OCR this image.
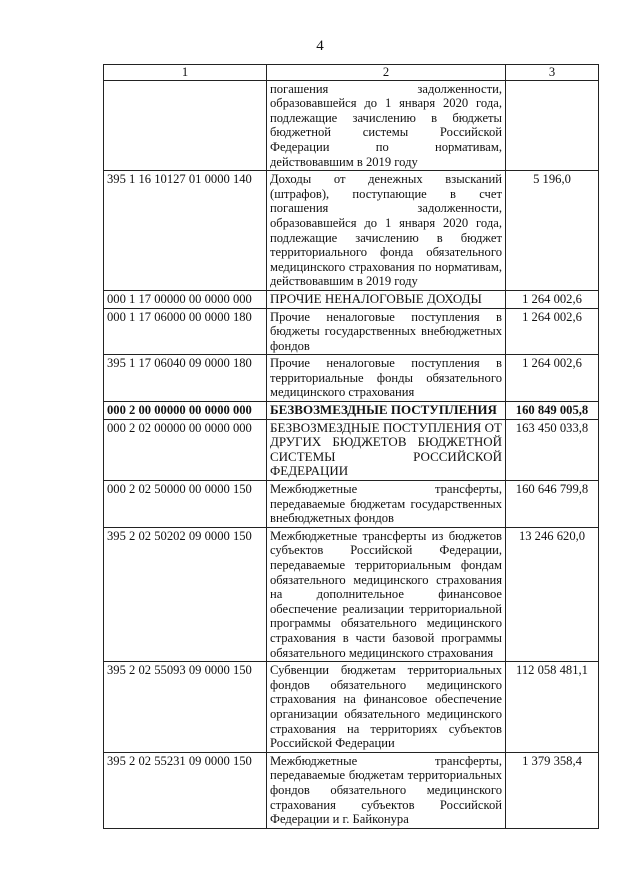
4
1	2	3
	погашения задолженности, образовавшейся до 1 января 2020 года, подлежащие зачислению в бюджеты бюджетной системы Российской Федерации по нормативам, действовавшим в 2019 году	
395 1 16 10127 01 0000 140	Доходы от денежных взысканий (штрафов), поступающие в счет погашения задолженности, образовавшейся до 1 января 2020 года, подлежащие зачислению в бюджет территориального фонда обязательного медицинского страхования по нормативам, действовавшим в 2019 году	5 196,0
000 1 17 00000 00 0000 000	ПРОЧИЕ НЕНАЛОГОВЫЕ ДОХОДЫ	1 264 002,6
000 1 17 06000 00 0000 180	Прочие неналоговые поступления в бюджеты государственных внебюджетных фондов	1 264 002,6
395 1 17 06040 09 0000 180	Прочие неналоговые поступления в территориальные фонды обязательного медицинского страхования	1 264 002,6
000 2 00 00000 00 0000 000	БЕЗВОЗМЕЗДНЫЕ ПОСТУПЛЕНИЯ	160 849 005,8
000 2 02 00000 00 0000 000	БЕЗВОЗМЕЗДНЫЕ ПОСТУПЛЕНИЯ ОТ ДРУГИХ БЮДЖЕТОВ БЮДЖЕТНОЙ СИСТЕМЫ РОССИЙСКОЙ ФЕДЕРАЦИИ	163 450 033,8
000 2 02 50000 00 0000 150	Межбюджетные трансферты, передаваемые бюджетам государственных внебюджетных фондов	160 646 799,8
395 2 02 50202 09 0000 150	Межбюджетные трансферты из бюджетов субъектов Российской Федерации, передаваемые территориальным фондам обязательного медицинского страхования на дополнительное финансовое обеспечение реализации территориальной программы обязательного медицинского страхования в части базовой программы обязательного медицинского страхования	13 246 620,0
395 2 02 55093 09 0000 150	Субвенции бюджетам территориальных фондов обязательного медицинского страхования на финансовое обеспечение организации обязательного медицинского страхования на территориях субъектов Российской Федерации	112 058 481,1
395 2 02 55231 09 0000 150	Межбюджетные трансферты, передаваемые бюджетам территориальных фондов обязательного медицинского страхования субъектов Российской Федерации и г. Байконура	1 379 358,4
